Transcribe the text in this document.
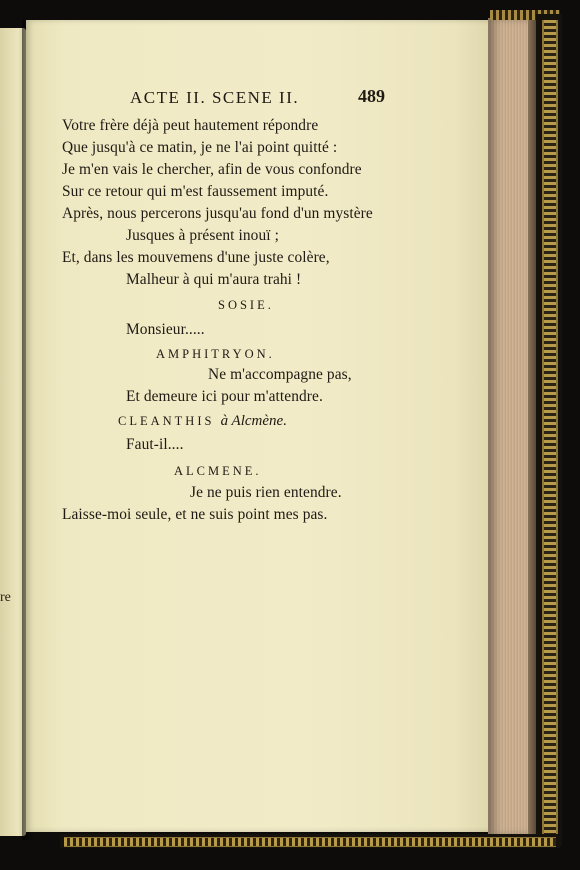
re
ACTE II. SCENE II.	489
Votre frère déjà peut hautement répondre
Que jusqu'à ce matin, je ne l'ai point quitté :
Je m'en vais le chercher, afin de vous confondre
Sur ce retour qui m'est faussement imputé.
Après, nous percerons jusqu'au fond d'un mystère
Jusques à présent inouï ;
Et, dans les mouvemens d'une juste colère,
Malheur à qui m'aura trahi !
SOSIE.
Monsieur.....
AMPHITRYON.
Ne m'accompagne pas,
Et demeure ici pour m'attendre.
CLEANTHIS à Alcmène.
Faut-il....
ALCMENE.
Je ne puis rien entendre.
Laisse-moi seule, et ne suis point mes pas.
